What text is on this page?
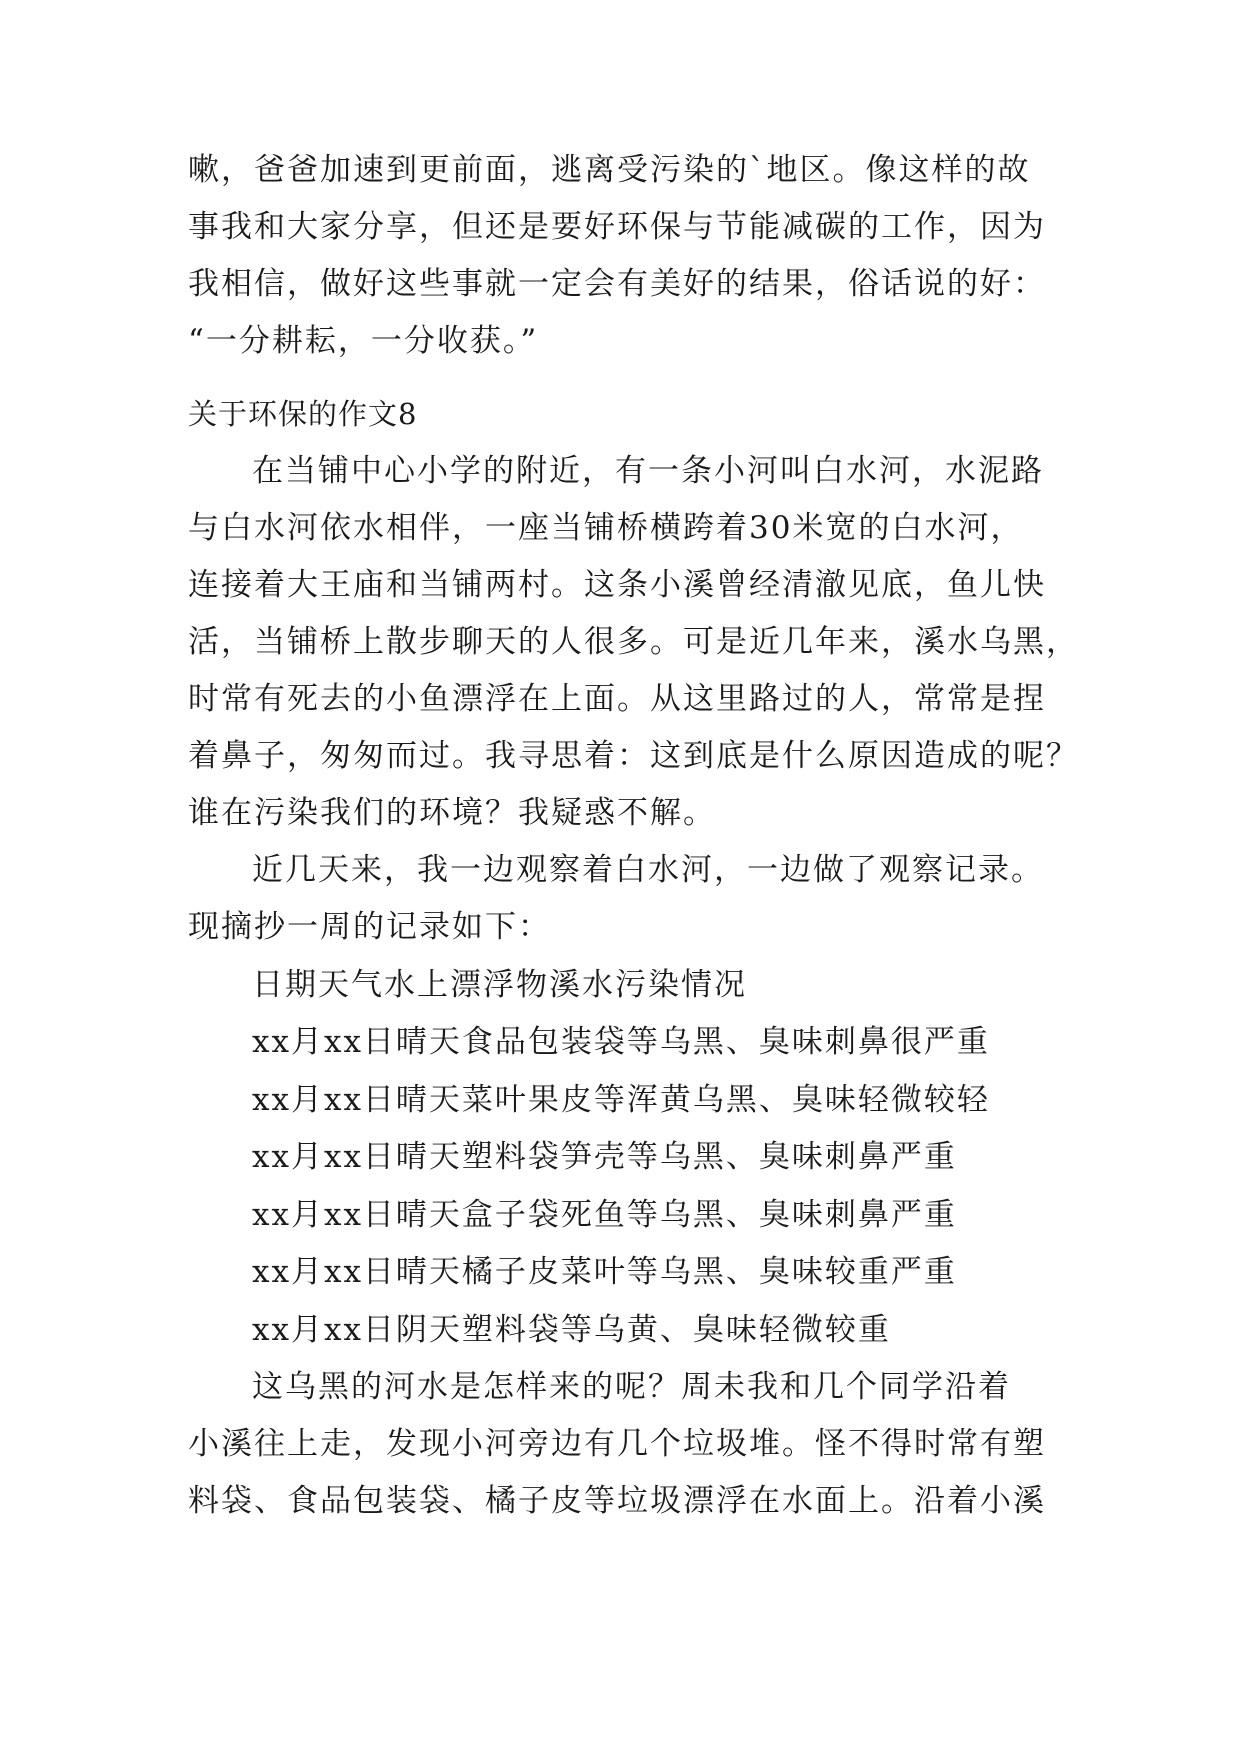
嗽，爸爸加速到更前面，逃离受污染的`地区。像这样的故
事我和大家分享，但还是要好环保与节能减碳的工作，因为
我相信，做好这些事就一定会有美好的结果，俗话说的好：
“一分耕耘，一分收获。”
关于环保的作文8
在当铺中心小学的附近，有一条小河叫白水河，水泥路
与白水河依水相伴，一座当铺桥横跨着30米宽的白水河，
连接着大王庙和当铺两村。这条小溪曾经清澈见底，鱼儿快
活，当铺桥上散步聊天的人很多。可是近几年来，溪水乌黑，
时常有死去的小鱼漂浮在上面。从这里路过的人，常常是捏
着鼻子，匆匆而过。我寻思着：这到底是什么原因造成的呢？
谁在污染我们的环境？我疑惑不解。
近几天来，我一边观察着白水河，一边做了观察记录。
现摘抄一周的记录如下：
日期天气水上漂浮物溪水污染情况
xx月xx日晴天食品包装袋等乌黑、臭味刺鼻很严重
xx月xx日晴天菜叶果皮等浑黄乌黑、臭味轻微较轻
xx月xx日晴天塑料袋笋壳等乌黑、臭味刺鼻严重
xx月xx日晴天盒子袋死鱼等乌黑、臭味刺鼻严重
xx月xx日晴天橘子皮菜叶等乌黑、臭味较重严重
xx月xx日阴天塑料袋等乌黄、臭味轻微较重
这乌黑的河水是怎样来的呢？周未我和几个同学沿着
小溪往上走，发现小河旁边有几个垃圾堆。怪不得时常有塑
料袋、食品包装袋、橘子皮等垃圾漂浮在水面上。沿着小溪
